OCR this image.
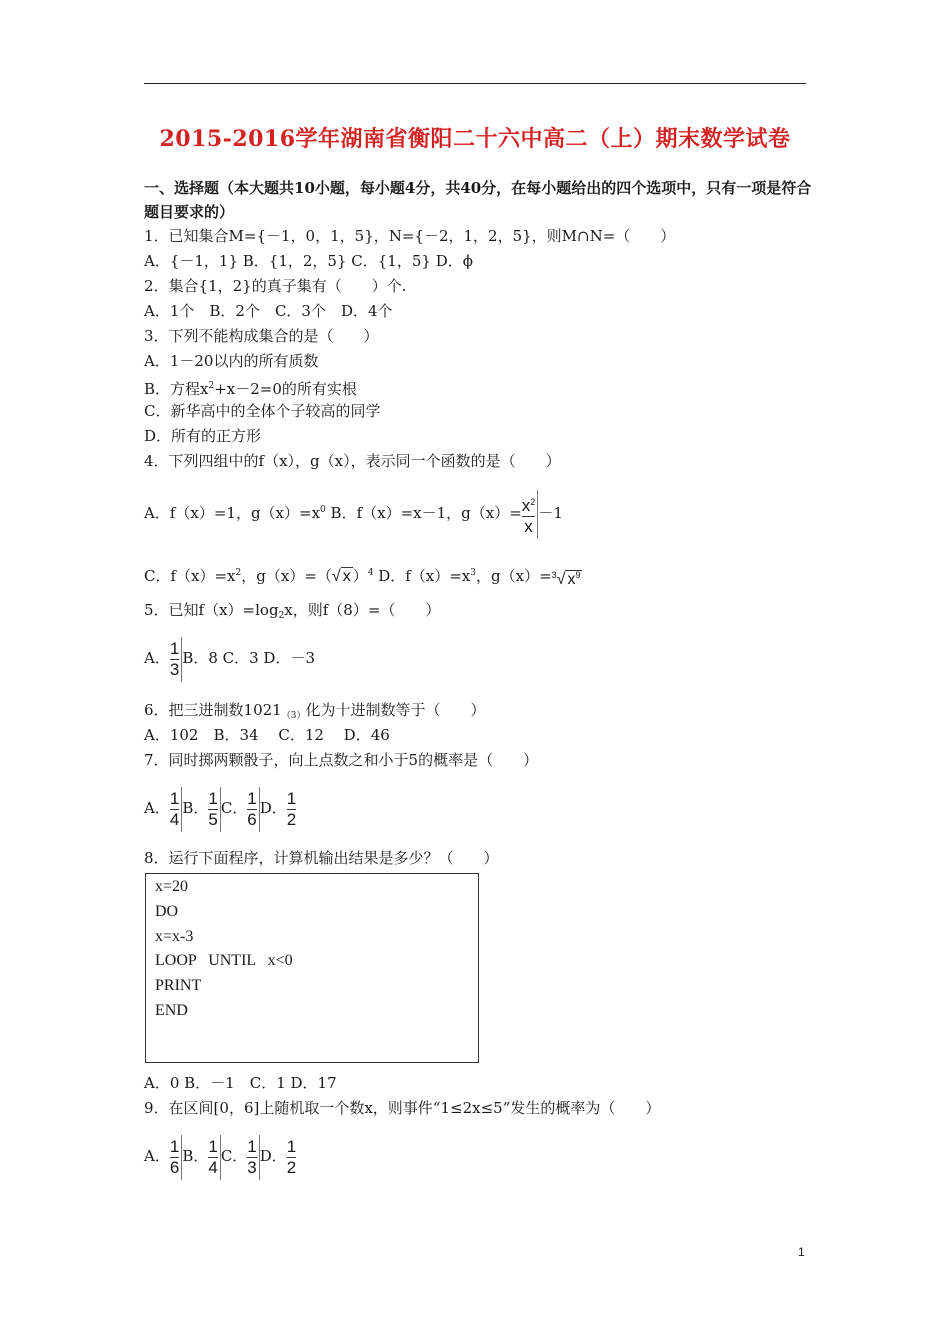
2015-2016学年湖南省衡阳二十六中高二（上）期末数学试卷
一、选择题（本大题共10小题，每小题4分，共40分，在每小题给出的四个选项中，只有一项是符合题目要求的）
1．已知集合M={－1，0，1，5}，N={－2，1，2，5}，则M∩N=（　　）
A．{－1，1} B．{1，2，5} C．{1，5} D．ϕ
2．集合{1，2}的真子集有（　　）个.
A．1个　B．2个　C．3个　D．4个
3．下列不能构成集合的是（　　）
A．1－20以内的所有质数
B．方程$x^2+x-2=0$的所有实根
C．新华高中的全体个子较高的同学
D．所有的正方形
4．下列四组中的f（x），g（x），表示同一个函数的是（　　）
A．f（x）=1，$g(x)=x^0$ B．f（x）=x－1，$g(x)= \frac{x^2}{x} -1$
C．$f(x)=x^2$，g（x）=（√ x ）$^4$ D．$f(x)=x^3$，g（x）=$^3$√ $x^9$
5．已知$f(x)=\log_2x$，则f（8）=（　　）
A． $\frac{1}{3}$ B．8 C．3 D．－3
6．把三进制数$1021_{(3)}$化为十进制数等于（　　）
A．102　B．34　 C．12　 D．46
7．同时掷两颗骰子，向上点数之和小于5的概率是（　　）
A． $\frac{1}{4}$ B． $\frac{1}{5}$ C． $\frac{1}{6}$ D． $\frac{1}{2}$
8．运行下面程序，计算机输出结果是多少？（　　）
x=20
DO
x=x-3
LOOP   UNTIL   x<0
PRINT
END
A．0 B．－1　C．1 D．17
9．在区间[0，6]上随机取一个数x，则事件“1≤2x≤5”发生的概率为（　　）
A． $\frac{1}{6}$ B． $\frac{1}{4}$ C． $\frac{1}{3}$ D． $\frac{1}{2}$
1
